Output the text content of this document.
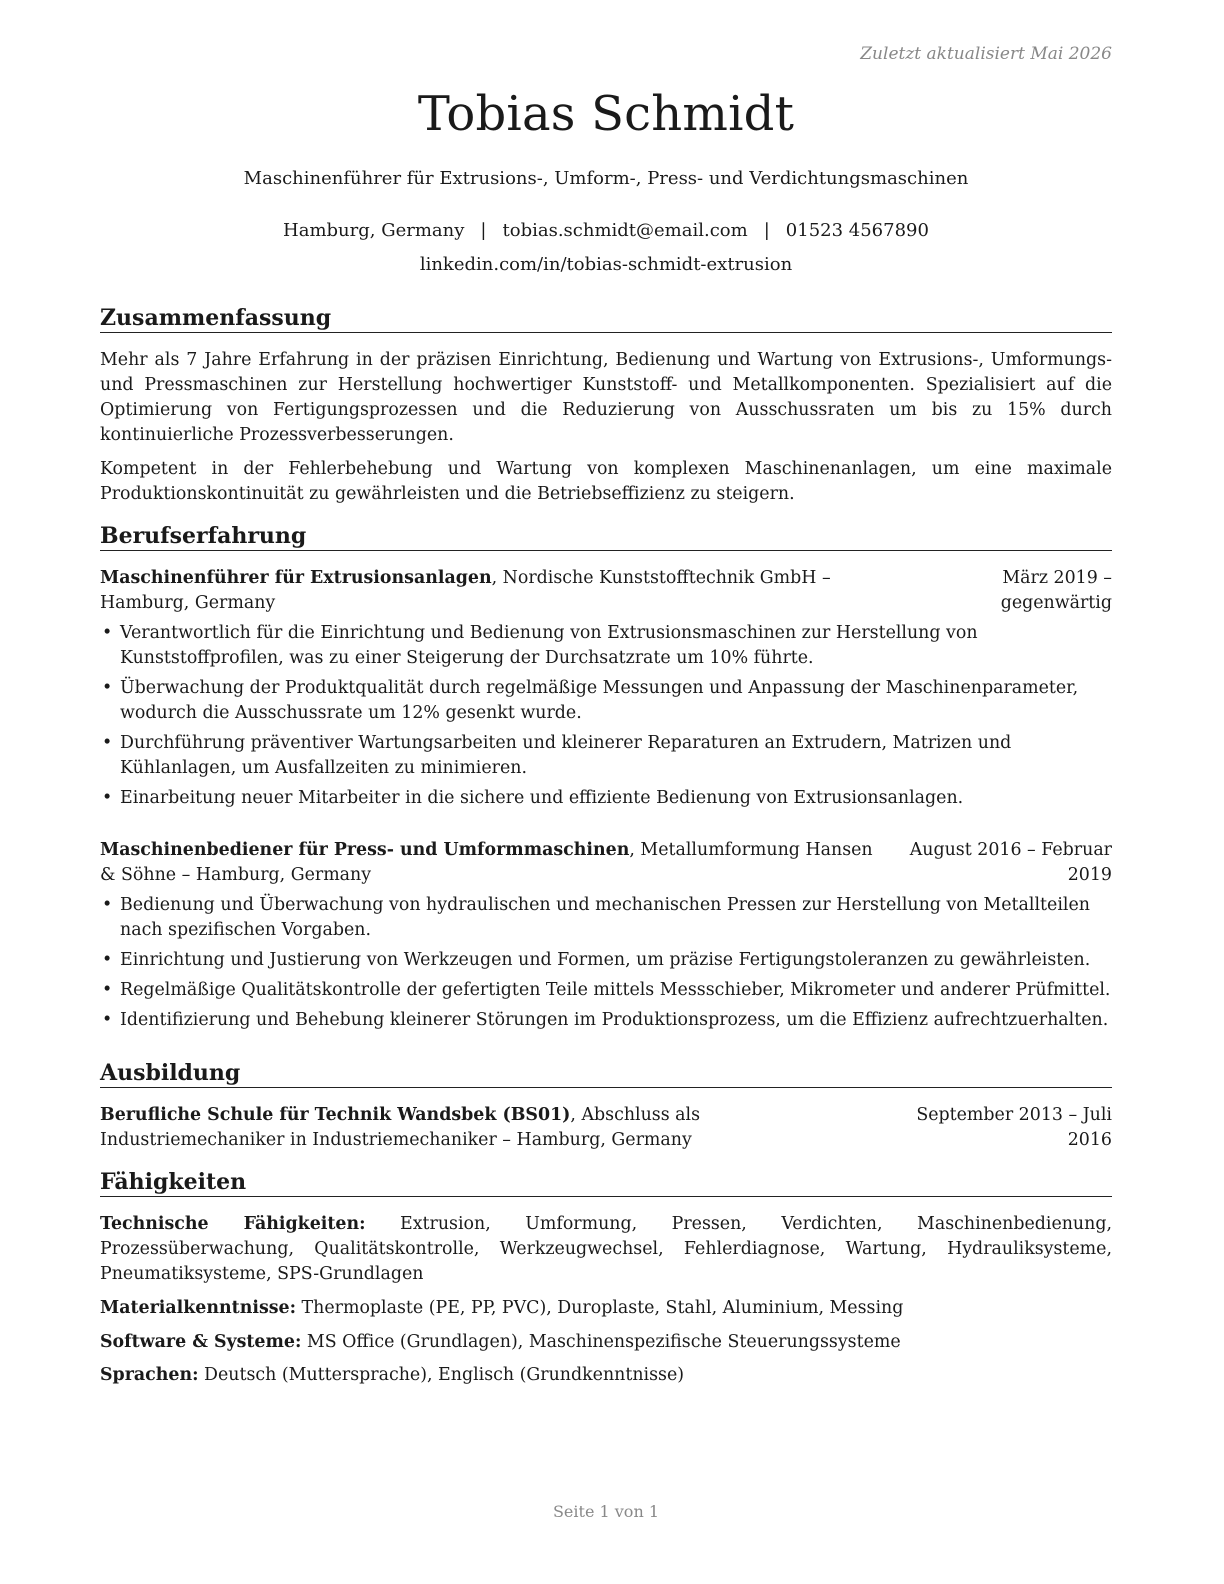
Zuletzt aktualisiert Mai 2026
Tobias Schmidt
Maschinenführer für Extrusions-, Umform-, Press- und Verdichtungsmaschinen
Hamburg, Germany | tobias.schmidt@email.com | 01523 4567890
linkedin.com/in/tobias-schmidt-extrusion
Zusammenfassung
Mehr als 7 Jahre Erfahrung in der präzisen Einrichtung, Bedienung und Wartung von Extrusions-, Umformungs- und Pressmaschinen zur Herstellung hochwertiger Kunststoff- und Metallkomponenten. Spezialisiert auf die Optimierung von Fertigungsprozessen und die Reduzierung von Ausschussraten um bis zu 15% durch kontinuierliche Prozessverbesserungen.
Kompetent in der Fehlerbehebung und Wartung von komplexen Maschinenanlagen, um eine maximale Produktionskontinuität zu gewährleisten und die Betriebseffizienz zu steigern.
Berufserfahrung
Maschinenführer für Extrusionsanlagen, Nordische Kunststofftechnik GmbH – Hamburg, Germany
März 2019 – gegenwärtig
• Verantwortlich für die Einrichtung und Bedienung von Extrusionsmaschinen zur Herstellung von Kunststoffprofilen, was zu einer Steigerung der Durchsatzrate um 10% führte.
• Überwachung der Produktqualität durch regelmäßige Messungen und Anpassung der Maschinenparameter, wodurch die Ausschussrate um 12% gesenkt wurde.
• Durchführung präventiver Wartungsarbeiten und kleinerer Reparaturen an Extrudern, Matrizen und Kühlanlagen, um Ausfallzeiten zu minimieren.
• Einarbeitung neuer Mitarbeiter in die sichere und effiziente Bedienung von Extrusionsanlagen.
Maschinenbediener für Press- und Umformmaschinen, Metallumformung Hansen & Söhne – Hamburg, Germany
August 2016 – Februar 2019
• Bedienung und Überwachung von hydraulischen und mechanischen Pressen zur Herstellung von Metallteilen nach spezifischen Vorgaben.
• Einrichtung und Justierung von Werkzeugen und Formen, um präzise Fertigungstoleranzen zu gewährleisten.
• Regelmäßige Qualitätskontrolle der gefertigten Teile mittels Messschieber, Mikrometer und anderer Prüfmittel.
• Identifizierung und Behebung kleinerer Störungen im Produktionsprozess, um die Effizienz aufrechtzuerhalten.
Ausbildung
Berufliche Schule für Technik Wandsbek (BS01), Abschluss als Industriemechaniker in Industriemechaniker – Hamburg, Germany
September 2013 – Juli 2016
Fähigkeiten
Technische Fähigkeiten: Extrusion, Umformung, Pressen, Verdichten, Maschinenbedienung, Prozessüberwachung, Qualitätskontrolle, Werkzeugwechsel, Fehlerdiagnose, Wartung, Hydrauliksysteme, Pneumatiksysteme, SPS-Grundlagen
Materialkenntnisse: Thermoplaste (PE, PP, PVC), Duroplaste, Stahl, Aluminium, Messing
Software & Systeme: MS Office (Grundlagen), Maschinenspezifische Steuerungssysteme
Sprachen: Deutsch (Muttersprache), Englisch (Grundkenntnisse)
Seite 1 von 1
